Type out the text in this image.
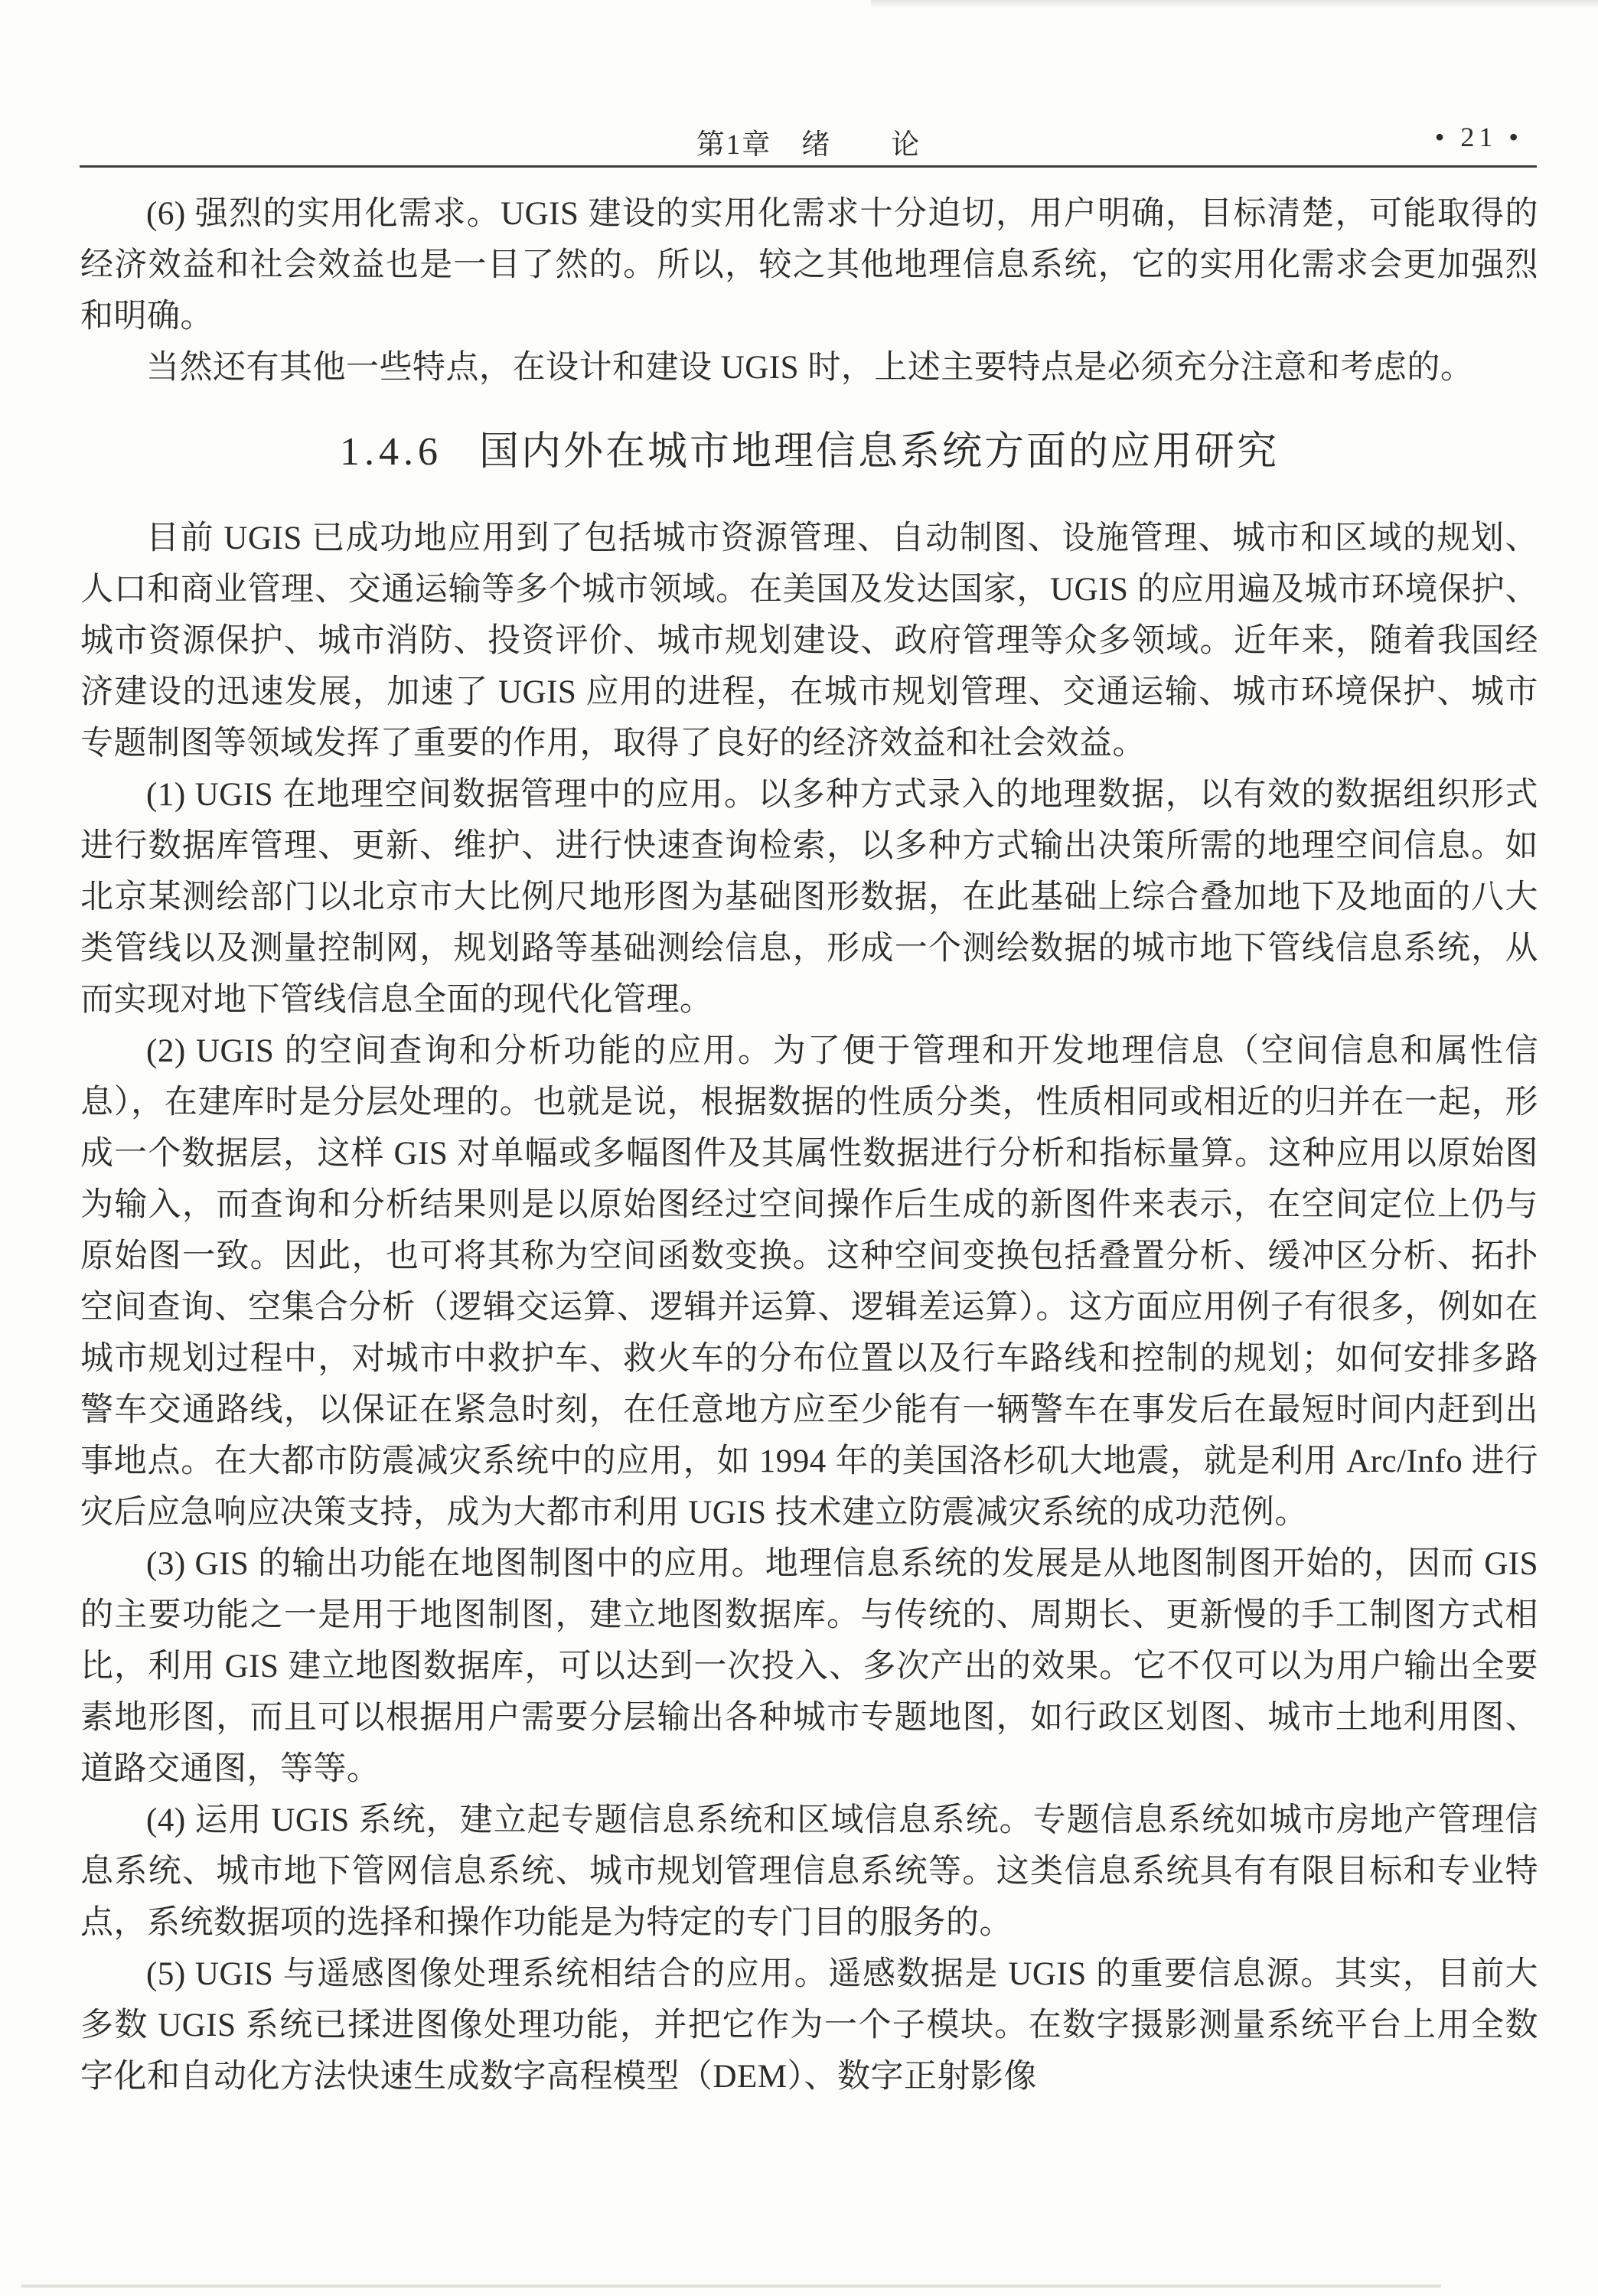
第1章　绪　　论	• 21 •

(6) 强烈的实用化需求。UGIS 建设的实用化需求十分迫切，用户明确，目标清楚，可能取得的经济效益和社会效益也是一目了然的。所以，较之其他地理信息系统，它的实用化需求会更加强烈和明确。

当然还有其他一些特点，在设计和建设 UGIS 时，上述主要特点是必须充分注意和考虑的。

1.4.6 国内外在城市地理信息系统方面的应用研究

目前 UGIS 已成功地应用到了包括城市资源管理、自动制图、设施管理、城市和区域的规划、人口和商业管理、交通运输等多个城市领域。在美国及发达国家，UGIS 的应用遍及城市环境保护、城市资源保护、城市消防、投资评价、城市规划建设、政府管理等众多领域。近年来，随着我国经济建设的迅速发展，加速了 UGIS 应用的进程，在城市规划管理、交通运输、城市环境保护、城市专题制图等领域发挥了重要的作用，取得了良好的经济效益和社会效益。

(1) UGIS 在地理空间数据管理中的应用。以多种方式录入的地理数据，以有效的数据组织形式进行数据库管理、更新、维护、进行快速查询检索，以多种方式输出决策所需的地理空间信息。如北京某测绘部门以北京市大比例尺地形图为基础图形数据，在此基础上综合叠加地下及地面的八大类管线以及测量控制网，规划路等基础测绘信息，形成一个测绘数据的城市地下管线信息系统，从而实现对地下管线信息全面的现代化管理。

(2) UGIS 的空间查询和分析功能的应用。为了便于管理和开发地理信息（空间信息和属性信息），在建库时是分层处理的。也就是说，根据数据的性质分类，性质相同或相近的归并在一起，形成一个数据层，这样 GIS 对单幅或多幅图件及其属性数据进行分析和指标量算。这种应用以原始图为输入，而查询和分析结果则是以原始图经过空间操作后生成的新图件来表示，在空间定位上仍与原始图一致。因此，也可将其称为空间函数变换。这种空间变换包括叠置分析、缓冲区分析、拓扑空间查询、空集合分析（逻辑交运算、逻辑并运算、逻辑差运算）。这方面应用例子有很多，例如在城市规划过程中，对城市中救护车、救火车的分布位置以及行车路线和控制的规划；如何安排多路警车交通路线，以保证在紧急时刻，在任意地方应至少能有一辆警车在事发后在最短时间内赶到出事地点。在大都市防震减灾系统中的应用，如 1994 年的美国洛杉矶大地震，就是利用 Arc/Info 进行灾后应急响应决策支持，成为大都市利用 UGIS 技术建立防震减灾系统的成功范例。

(3) GIS 的输出功能在地图制图中的应用。地理信息系统的发展是从地图制图开始的，因而 GIS 的主要功能之一是用于地图制图，建立地图数据库。与传统的、周期长、更新慢的手工制图方式相比，利用 GIS 建立地图数据库，可以达到一次投入、多次产出的效果。它不仅可以为用户输出全要素地形图，而且可以根据用户需要分层输出各种城市专题地图，如行政区划图、城市土地利用图、道路交通图，等等。

(4) 运用 UGIS 系统，建立起专题信息系统和区域信息系统。专题信息系统如城市房地产管理信息系统、城市地下管网信息系统、城市规划管理信息系统等。这类信息系统具有有限目标和专业特点，系统数据项的选择和操作功能是为特定的专门目的服务的。

(5) UGIS 与遥感图像处理系统相结合的应用。遥感数据是 UGIS 的重要信息源。其实，目前大多数 UGIS 系统已揉进图像处理功能，并把它作为一个子模块。在数字摄影测量系统平台上用全数字化和自动化方法快速生成数字高程模型（DEM）、数字正射影像
